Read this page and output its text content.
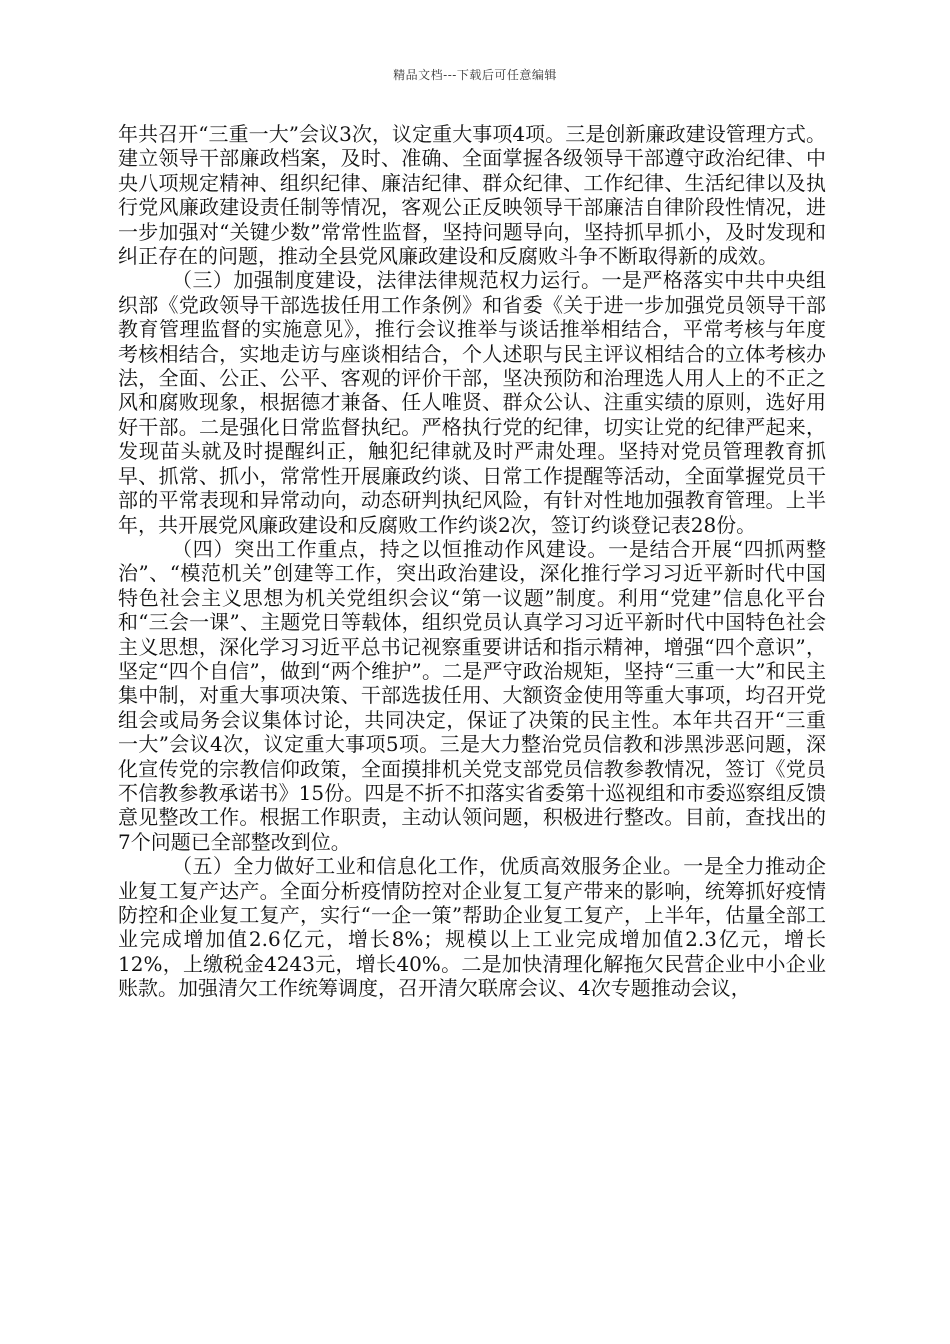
精品文档---下载后可任意编辑

年共召开“三重一大”会议3次，议定重大事项4项。三是创新廉政建设管理方式。建立领导干部廉政档案，及时、准确、全面掌握各级领导干部遵守政治纪律、中央八项规定精神、组织纪律、廉洁纪律、群众纪律、工作纪律、生活纪律以及执行党风廉政建设责任制等情况，客观公正反映领导干部廉洁自律阶段性情况，进一步加强对“关键少数”常常性监督，坚持问题导向，坚持抓早抓小，及时发现和纠正存在的问题，推动全县党风廉政建设和反腐败斗争不断取得新的成效。

（三）加强制度建设，法律法律规范权力运行。一是严格落实中共中央组织部《党政领导干部选拔任用工作条例》和省委《关于进一步加强党员领导干部教育管理监督的实施意见》，推行会议推举与谈话推举相结合，平常考核与年度考核相结合，实地走访与座谈相结合，个人述职与民主评议相结合的立体考核办法，全面、公正、公平、客观的评价干部，坚决预防和治理选人用人上的不正之风和腐败现象，根据德才兼备、任人唯贤、群众公认、注重实绩的原则，选好用好干部。二是强化日常监督执纪。严格执行党的纪律，切实让党的纪律严起来，发现苗头就及时提醒纠正，触犯纪律就及时严肃处理。坚持对党员管理教育抓早、抓常、抓小，常常性开展廉政约谈、日常工作提醒等活动，全面掌握党员干部的平常表现和异常动向，动态研判执纪风险，有针对性地加强教育管理。上半年，共开展党风廉政建设和反腐败工作约谈2次，签订约谈登记表28份。

（四）突出工作重点，持之以恒推动作风建设。一是结合开展“四抓两整治”、“模范机关”创建等工作，突出政治建设，深化推行学习习近平新时代中国特色社会主义思想为机关党组织会议“第一议题”制度。利用“党建”信息化平台和“三会一课”、主题党日等载体，组织党员认真学习习近平新时代中国特色社会主义思想，深化学习习近平总书记视察重要讲话和指示精神，增强“四个意识”，坚定“四个自信”，做到“两个维护”。二是严守政治规矩，坚持“三重一大”和民主集中制，对重大事项决策、干部选拔任用、大额资金使用等重大事项，均召开党组会或局务会议集体讨论，共同决定，保证了决策的民主性。本年共召开“三重一大”会议4次，议定重大事项5项。三是大力整治党员信教和涉黑涉恶问题，深化宣传党的宗教信仰政策，全面摸排机关党支部党员信教参教情况，签订《党员不信教参教承诺书》15份。四是不折不扣落实省委第十巡视组和市委巡察组反馈意见整改工作。根据工作职责，主动认领问题，积极进行整改。目前，查找出的7个问题已全部整改到位。

（五）全力做好工业和信息化工作，优质高效服务企业。一是全力推动企业复工复产达产。全面分析疫情防控对企业复工复产带来的影响，统筹抓好疫情防控和企业复工复产，实行“一企一策”帮助企业复工复产，上半年，估量全部工业完成增加值2.6亿元，增长8%；规模以上工业完成增加值2.3亿元，增长12%，上缴税金4243元，增长40%。二是加快清理化解拖欠民营企业中小企业账款。加强清欠工作统筹调度，召开清欠联席会议、4次专题推动会议，
